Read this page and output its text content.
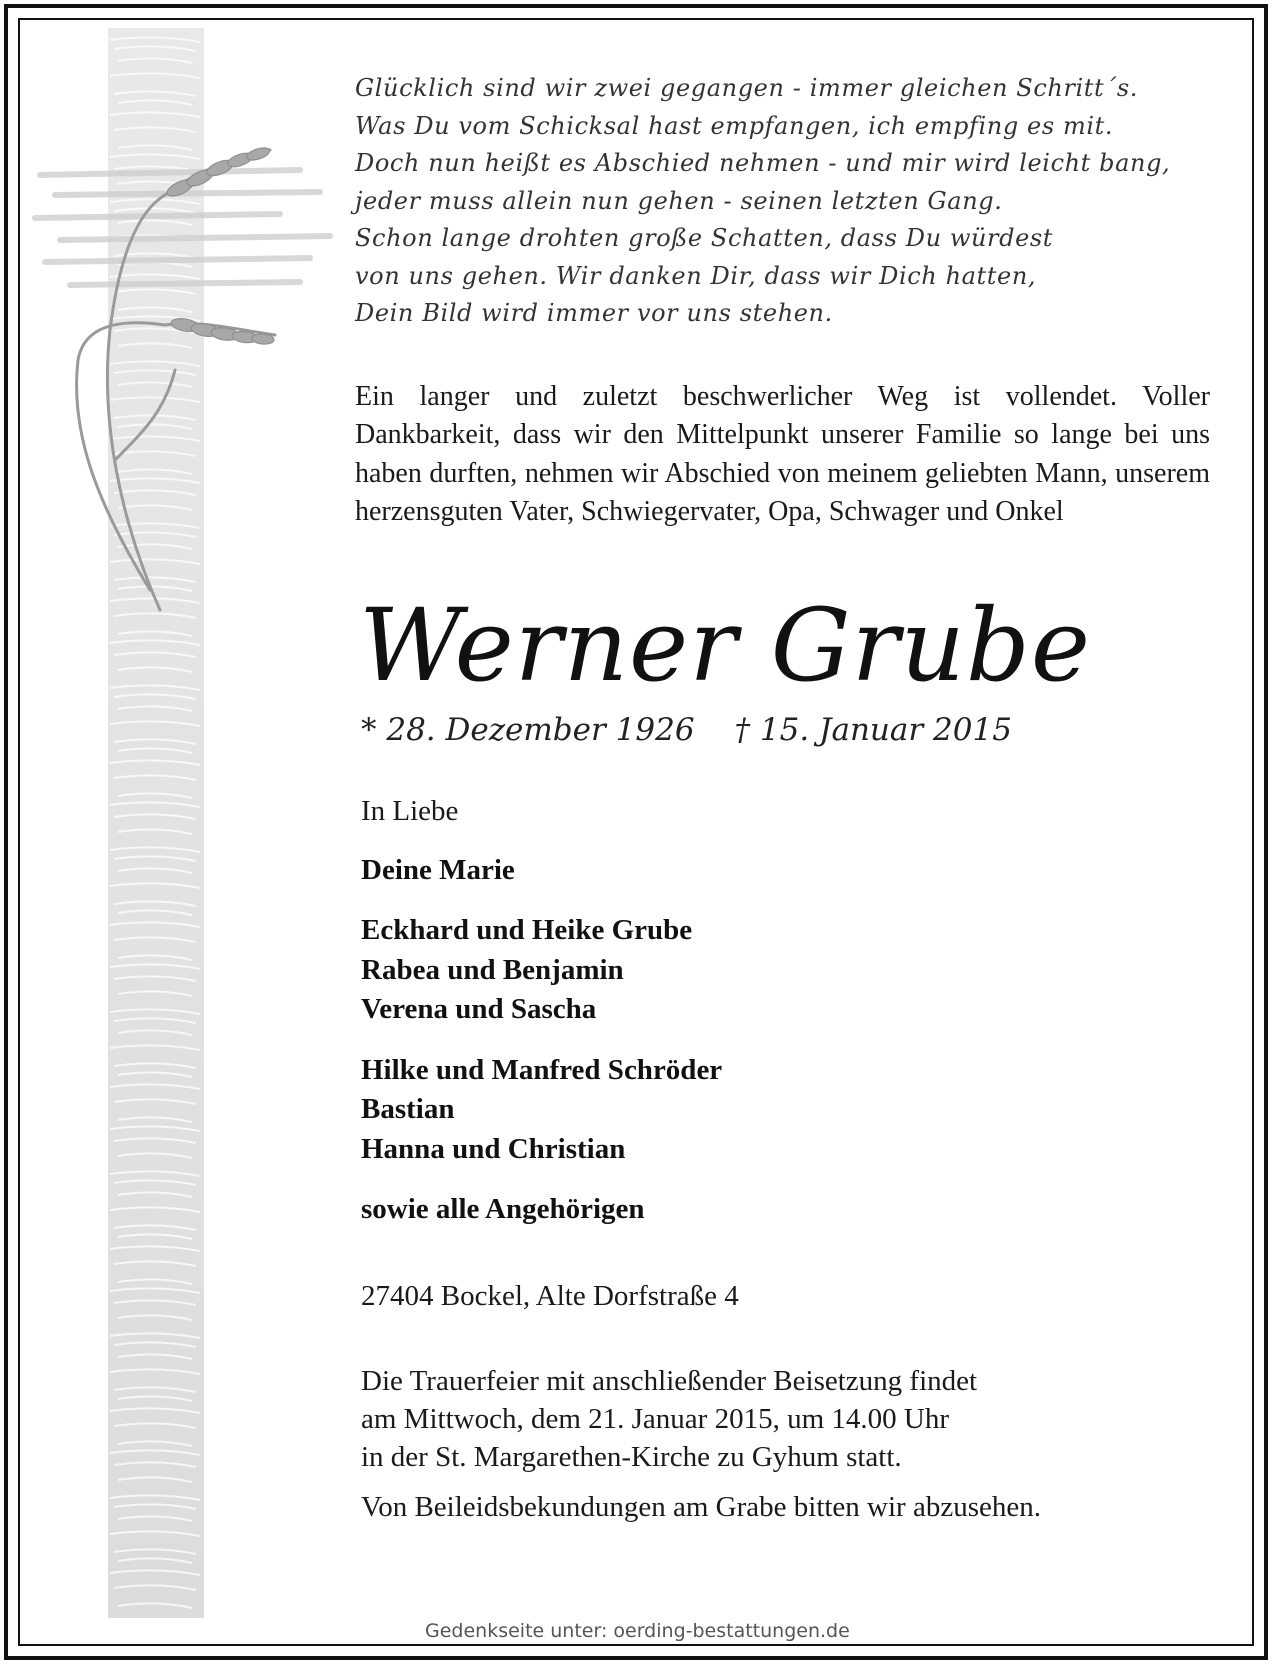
Glücklich sind wir zwei gegangen - immer gleichen Schritt´s.
Was Du vom Schicksal hast empfangen, ich empfing es mit.
Doch nun heißt es Abschied nehmen - und mir wird leicht bang,
jeder muss allein nun gehen - seinen letzten Gang.
Schon lange drohten große Schatten, dass Du würdest
von uns gehen. Wir danken Dir, dass wir Dich hatten,
Dein Bild wird immer vor uns stehen.
Ein langer und zuletzt beschwerlicher Weg ist vollendet. Voller Dankbarkeit, dass wir den Mittelpunkt unserer Familie so lange bei uns haben durften, nehmen wir Abschied von meinem geliebten Mann, unserem herzensguten Vater, Schwiegervater, Opa, Schwager und Onkel
Werner Grube
* 28. Dezember 1926 † 15. Januar 2015
In Liebe
Deine Marie
Eckhard und Heike Grube
Rabea und Benjamin
Verena und Sascha
Hilke und Manfred Schröder
Bastian
Hanna und Christian
sowie alle Angehörigen
27404 Bockel, Alte Dorfstraße 4
Die Trauerfeier mit anschließender Beisetzung findet
am Mittwoch, dem 21. Januar 2015, um 14.00 Uhr
in der St. Margarethen-Kirche zu Gyhum statt.
Von Beileidsbekundungen am Grabe bitten wir abzusehen.
Gedenkseite unter: oerding-bestattungen.de
